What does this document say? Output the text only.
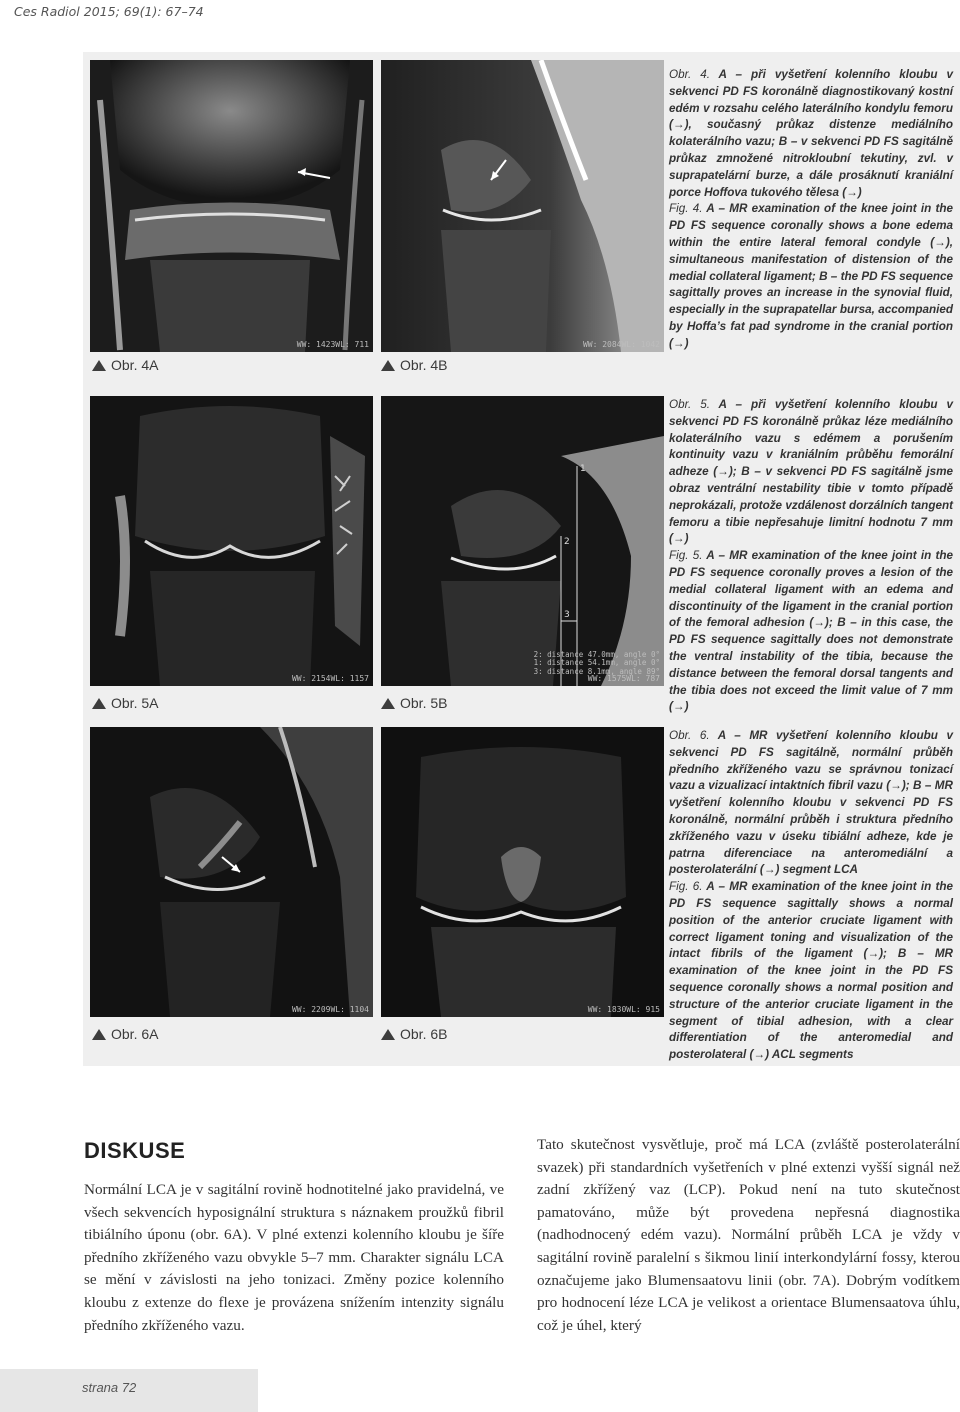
Ces Radiol 2015; 69(1): 67–74
WW: 1423WL: 711
Obr. 4A
WW: 2084WL: 1042
Obr. 4B
WW: 2154WL: 1157
Obr. 5A
1
2
3
2: distance 47.0mm, angle 0°
1: distance 54.1mm, angle 0°
3: distance 8.1mm, angle 89°
WW: 1575WL: 787
Obr. 5B
WW: 2209WL: 1104
Obr. 6A
WW: 1830WL: 915
Obr. 6B

Obr. 4. A – při vyšetření kolenního kloubu v sekvenci PD FS koronálně diagnostikovaný kostní edém v rozsahu celého laterálního kondylu femoru (→), současný průkaz distenze mediálního kolaterálního vazu; B – v sekvenci PD FS sagitálně průkaz zmnožené nitrokloubní tekutiny, zvl. v suprapatelární burze, a dále prosáknutí kraniální porce Hoffova tukového tělesa (→)

Fig. 4. A – MR examination of the knee joint in the PD FS sequence coronally shows a bone edema within the entire lateral femoral condyle (→), simultaneous manifestation of distension of the medial collateral ligament; B – the PD FS sequence sagittally proves an increase in the synovial fluid, especially in the suprapatellar bursa, accompanied by Hoffa’s fat pad syndrome in the cranial portion (→)

Obr. 5. A – při vyšetření kolenního kloubu v sekvenci PD FS koronálně průkaz léze mediálního kolaterálního vazu s edémem a porušením kontinuity vazu v kraniálním průběhu femorální adheze (→); B – v sekvenci PD FS sagitálně jsme obraz ventrální nestability tibie v tomto případě neprokázali, protože vzdálenost dorzálních tangent femoru a tibie nepřesahuje limitní hodnotu 7 mm (→)

Fig. 5. A – MR examination of the knee joint in the PD FS sequence coronally proves a lesion of the medial collateral ligament with an edema and discontinuity of the ligament in the cranial portion of the femoral adhesion (→); B – in this case, the PD FS sequence sagittally does not demonstrate the ventral instability of the tibia, because the distance between the femoral dorsal tangents and the tibia does not exceed the limit value of 7 mm (→)

Obr. 6. A – MR vyšetření kolenního kloubu v sekvenci PD FS sagitálně, normální průběh předního zkříženého vazu se správnou tonizací vazu a vizualizací intaktních fibril vazu (→); B – MR vyšetření kolenního kloubu v sekvenci PD FS koronálně, normální průběh i struktura předního zkříženého vazu v úseku tibiální adheze, kde je patrna diferenciace na anteromediální a posterolaterální (→) segment LCA

Fig. 6. A – MR examination of the knee joint in the PD FS sequence sagittally shows a normal position of the anterior cruciate ligament with correct ligament toning and visualization of the intact fibrils of the ligament (→); B – MR examination of the knee joint in the PD FS sequence coronally shows a normal position and structure of the anterior cruciate ligament in the segment of tibial adhesion, with a clear differentiation of the anteromedial and posterolateral (→) ACL segments

DISKUSE
Normální LCA je v sagitální rovině hodnotitelné jako pravidelná, ve všech sekvencích hyposignální struktura s náznakem proužků fibril tibiálního úponu (obr. 6A). V plné extenzi kolenního kloubu je šíře předního zkříženého vazu obvykle 5–7 mm. Charakter signálu LCA se mění v závislosti na jeho tonizaci. Změny pozice kolenního kloubu z extenze do flexe je provázena snížením intenzity signálu předního zkříženého vazu.
Tato skutečnost vysvětluje, proč má LCA (zvláště posterolaterální svazek) při standardních vyšetřeních v plné extenzi vyšší signál než zadní zkřížený vaz (LCP). Pokud není na tuto skutečnost pamatováno, může být provedena nepřesná diagnostika (nadhodnocený edém vazu). Normální průběh LCA je vždy v sagitální rovině paralelní s šikmou linií interkondylární fossy, kterou označujeme jako Blumensaatovu linii (obr. 7A). Dobrým vodítkem pro hodnocení léze LCA je velikost a orientace Blumensaatova úhlu, což je úhel, který
strana 72
